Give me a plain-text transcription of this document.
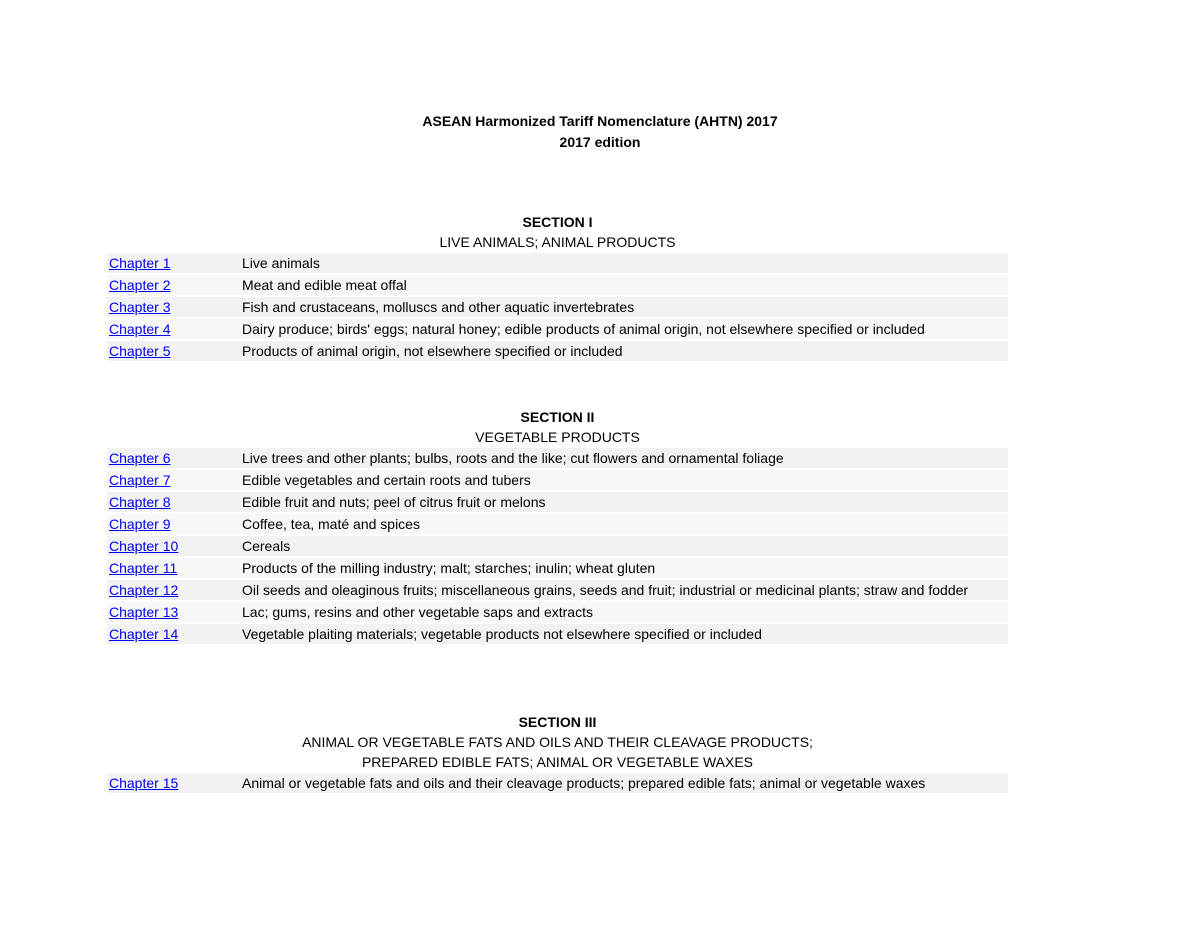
ASEAN Harmonized Tariff Nomenclature (AHTN) 2017
2017 edition
SECTION I
LIVE ANIMALS; ANIMAL PRODUCTS
Chapter 1	Live animals
Chapter 2	Meat and edible meat offal
Chapter 3	Fish and crustaceans, molluscs and other aquatic invertebrates
Chapter 4	Dairy produce; birds' eggs; natural honey; edible products of animal origin, not elsewhere specified or included
Chapter 5	Products of animal origin, not elsewhere specified or included
SECTION II
VEGETABLE PRODUCTS
Chapter 6	Live trees and other plants; bulbs, roots and the like; cut flowers and ornamental foliage
Chapter 7	Edible vegetables and certain roots and tubers
Chapter 8	Edible fruit and nuts; peel of citrus fruit or melons
Chapter 9	Coffee, tea, maté and spices
Chapter 10	Cereals
Chapter 11	Products of the milling industry; malt; starches; inulin; wheat gluten
Chapter 12	Oil seeds and oleaginous fruits; miscellaneous grains, seeds and fruit; industrial or medicinal plants; straw and fodder
Chapter 13	Lac; gums, resins and other vegetable saps and extracts
Chapter 14	Vegetable plaiting materials; vegetable products not elsewhere specified or included
SECTION III
ANIMAL OR VEGETABLE FATS AND OILS AND THEIR CLEAVAGE PRODUCTS;
PREPARED EDIBLE FATS; ANIMAL OR VEGETABLE WAXES
Chapter 15	Animal or vegetable fats and oils and their cleavage products; prepared edible fats; animal or vegetable waxes
